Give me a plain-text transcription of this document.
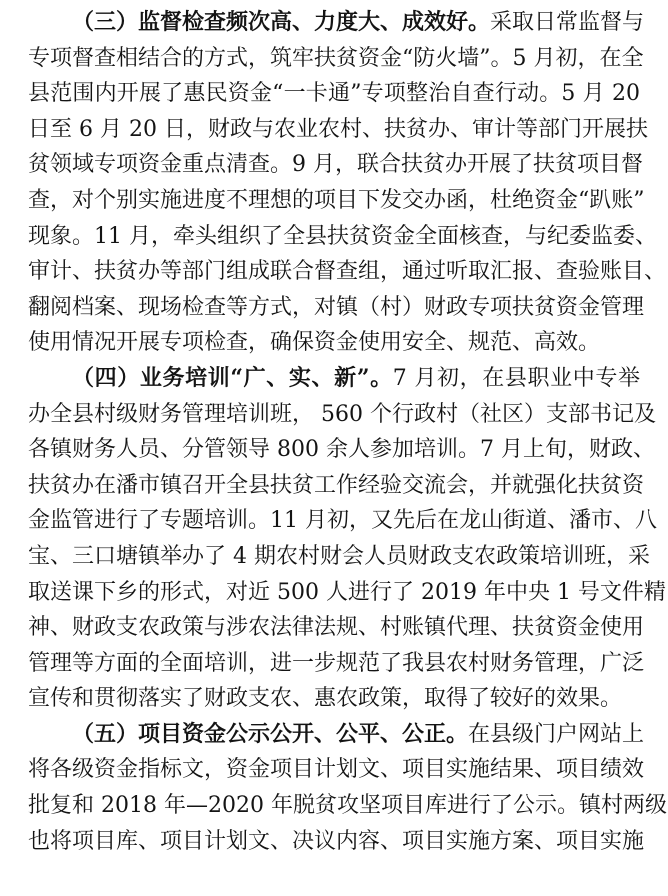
（三）监督检查频次高、力度大、成效好。采取日常监督与
专项督查相结合的方式，筑牢扶贫资金“防火墙”。5 月初，在全
县范围内开展了惠民资金“一卡通”专项整治自查行动。5 月 20
日至 6 月 20 日，财政与农业农村、扶贫办、审计等部门开展扶
贫领域专项资金重点清查。9 月，联合扶贫办开展了扶贫项目督
查，对个别实施进度不理想的项目下发交办函，杜绝资金“趴账”
现象。11 月，牵头组织了全县扶贫资金全面核查，与纪委监委、
审计、扶贫办等部门组成联合督查组，通过听取汇报、查验账目、
翻阅档案、现场检查等方式，对镇（村）财政专项扶贫资金管理
使用情况开展专项检查，确保资金使用安全、规范、高效。

（四）业务培训“广、实、新”。7 月初，在县职业中专举
办全县村级财务管理培训班， 560 个行政村（社区）支部书记及
各镇财务人员、分管领导 800 余人参加培训。7 月上旬，财政、
扶贫办在潘市镇召开全县扶贫工作经验交流会，并就强化扶贫资
金监管进行了专题培训。11 月初，又先后在龙山街道、潘市、八
宝、三口塘镇举办了 4 期农村财会人员财政支农政策培训班，采
取送课下乡的形式，对近 500 人进行了 2019 年中央 1 号文件精
神、财政支农政策与涉农法律法规、村账镇代理、扶贫资金使用
管理等方面的全面培训，进一步规范了我县农村财务管理，广泛
宣传和贯彻落实了财政支农、惠农政策，取得了较好的效果。

（五）项目资金公示公开、公平、公正。在县级门户网站上
将各级资金指标文，资金项目计划文、项目实施结果、项目绩效
批复和 2018 年—2020 年脱贫攻坚项目库进行了公示。镇村两级
也将项目库、项目计划文、决议内容、项目实施方案、项目实施
